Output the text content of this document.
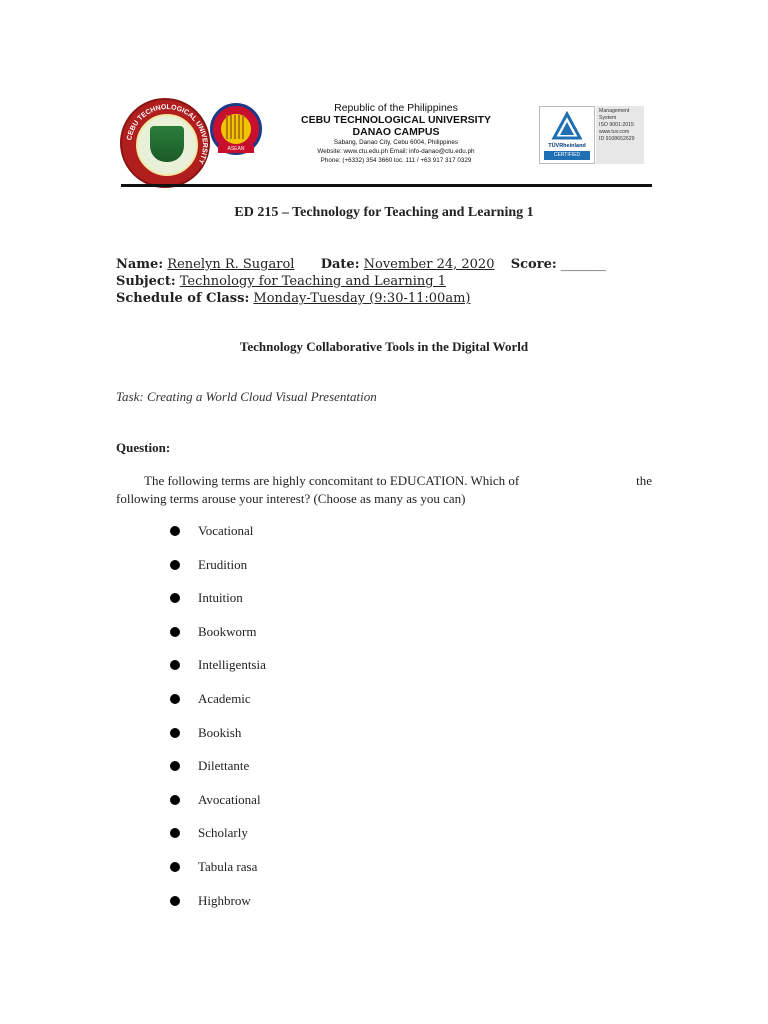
CEBU TECHNOLOGICAL UNIVERSITY
ASEAN
Republic of the Philippines
CEBU TECHNOLOGICAL UNIVERSITY
DANAO CAMPUS
Sabang, Danao City, Cebu 6004, Philippines
Website: www.ctu.edu.ph Email: info-danao@ctu.edu.ph
Phone: (+6332) 354 3660 loc. 111 / +63 917 317 0329
TÜVRheinland
CERTIFIED
Management
System
ISO 9001:2015
www.tuv.com
ID 9108652629
ED 215 – Technology for Teaching and Learning 1
Name: Renelyn R. Sugarol Date: November 24, 2020 Score: _______
Subject: Technology for Teaching and Learning 1
Schedule of Class: Monday-Tuesday (9:30-11:00am)
Technology Collaborative Tools in the Digital World
Task: Creating a World Cloud Visual Presentation
Question:
The following terms are highly concomitant to EDUCATION. Which of	the
following terms arouse your interest? (Choose as many as you can)
Vocational
Erudition
Intuition
Bookworm
Intelligentsia
Academic
Bookish
Dilettante
Avocational
Scholarly
Tabula rasa
Highbrow
